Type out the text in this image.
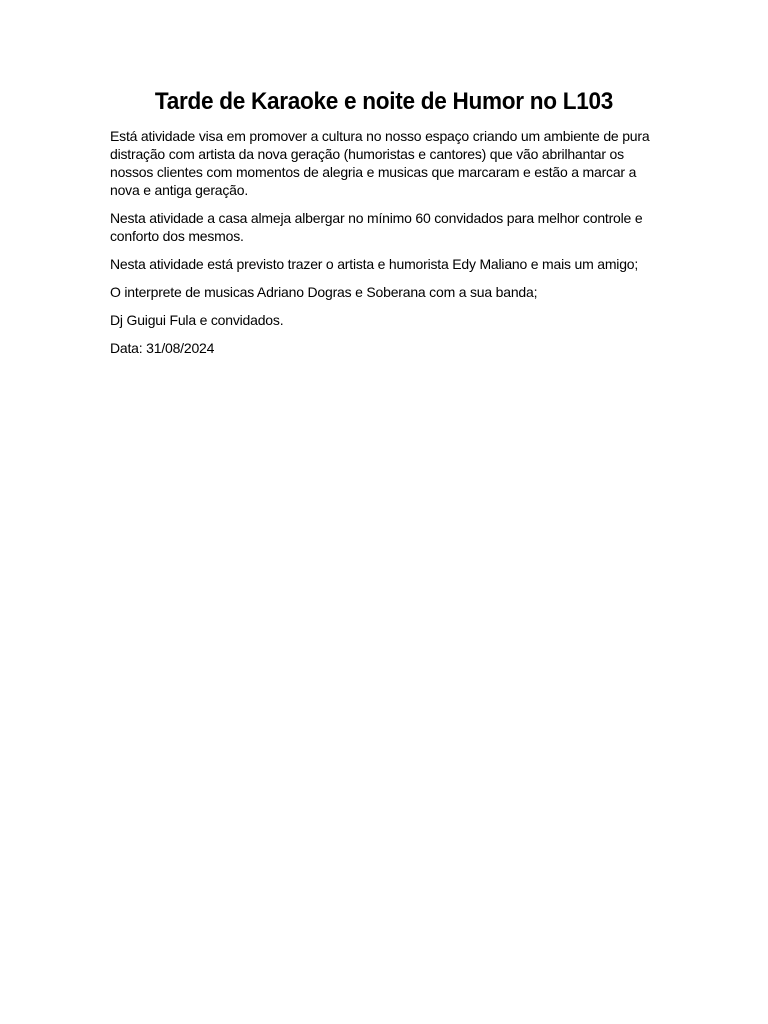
Tarde de Karaoke e noite de Humor no L103

Está atividade visa em promover a cultura no nosso espaço criando um ambiente de pura distração com artista da nova geração (humoristas e cantores) que vão abrilhantar os nossos clientes com momentos de alegria e musicas que marcaram e estão a marcar a nova e antiga geração.

Nesta atividade a casa almeja albergar no mínimo 60 convidados para melhor controle e conforto dos mesmos.

Nesta atividade está previsto trazer o artista e humorista Edy Maliano e mais um amigo;

O interprete de musicas Adriano Dogras e Soberana com a sua banda;

Dj Guigui Fula e convidados.

Data: 31/08/2024
